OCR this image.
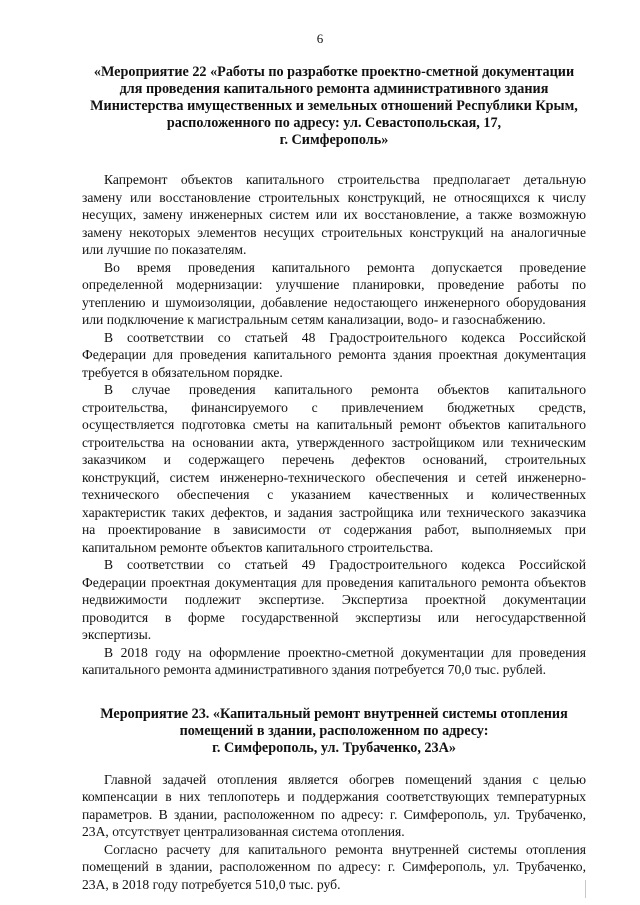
6
«Мероприятие 22 «Работы по разработке проектно-сметной документации
для проведения капитального ремонта административного здания
Министерства имущественных и земельных отношений Республики Крым,
расположенного по адресу: ул. Севастопольская, 17,
г. Симферополь»

Капремонт объектов капитального строительства предполагает детальную
замену или восстановление строительных конструкций, не относящихся к числу
несущих, замену инженерных систем или их восстановление, а также возможную
замену некоторых элементов несущих строительных конструкций на аналогичные
или лучшие по показателям.

Во время проведения капитального ремонта допускается проведение
определенной модернизации: улучшение планировки, проведение работы по
утеплению и шумоизоляции, добавление недостающего инженерного оборудования
или подключение к магистральным сетям канализации, водо- и газоснабжению.

В соответствии со статьей 48 Градостроительного кодекса Российской
Федерации для проведения капитального ремонта здания проектная документация
требуется в обязательном порядке.

В случае проведения капитального ремонта объектов капитального
строительства, финансируемого с привлечением бюджетных средств,
осуществляется подготовка сметы на капитальный ремонт объектов капитального
строительства на основании акта, утвержденного застройщиком или техническим
заказчиком и содержащего перечень дефектов оснований, строительных
конструкций, систем инженерно-технического обеспечения и сетей инженерно-
технического обеспечения с указанием качественных и количественных
характеристик таких дефектов, и задания застройщика или технического заказчика
на проектирование в зависимости от содержания работ, выполняемых при
капитальном ремонте объектов капитального строительства.

В соответствии со статьей 49 Градостроительного кодекса Российской
Федерации проектная документация для проведения капитального ремонта объектов
недвижимости подлежит экспертизе. Экспертиза проектной документации
проводится в форме государственной экспертизы или негосударственной
экспертизы.

В 2018 году на оформление проектно-сметной документации для проведения
капитального ремонта административного здания потребуется 70,0 тыс. рублей.

Мероприятие 23. «Капитальный ремонт внутренней системы отопления
помещений в здании, расположенном по адресу:
г. Симферополь, ул. Трубаченко, 23А»

Главной задачей отопления является обогрев помещений здания с целью
компенсации в них теплопотерь и поддержания соответствующих температурных
параметров. В здании, расположенном по адресу: г. Симферополь, ул. Трубаченко,
23А, отсутствует централизованная система отопления.

Согласно расчету для капитального ремонта внутренней системы отопления
помещений в здании, расположенном по адресу: г. Симферополь, ул. Трубаченко,
23А, в 2018 году потребуется 510,0 тыс. руб.
